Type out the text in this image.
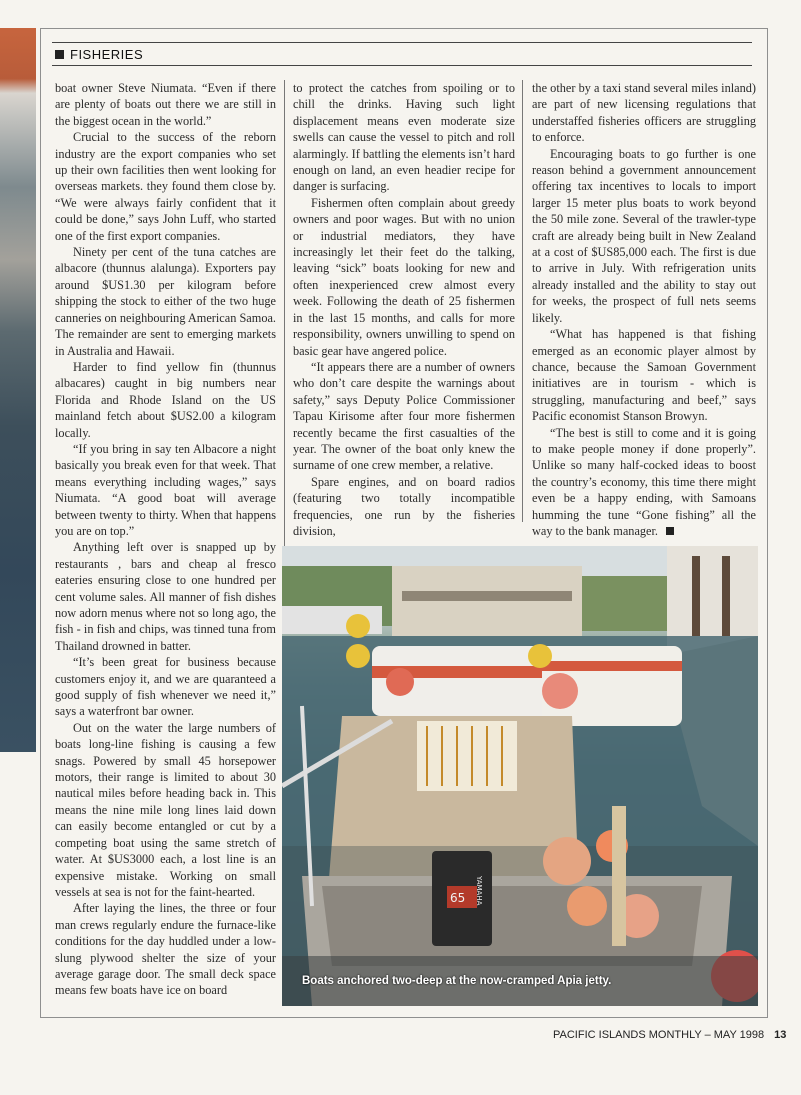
FISHERIES

boat owner Steve Niumata. “Even if there are plenty of boats out there we are still in the biggest ocean in the world.”

Crucial to the success of the reborn industry are the export companies who set up their own facilities then went looking for overseas markets. they found them close by. “We were always fairly confident that it could be done,” says John Luff, who started one of the first export companies.

Ninety per cent of the tuna catches are albacore (thunnus alalunga). Exporters pay around $US1.30 per kilogram before shipping the stock to either of the two huge canneries on neighbouring American Samoa. The remainder are sent to emerging markets in Australia and Hawaii.

Harder to find yellow fin (thunnus albacares) caught in big numbers near Florida and Rhode Island on the US mainland fetch about $US2.00 a kilogram locally.

“If you bring in say ten Albacore a night basically you break even for that week. That means everything including wages,” says Niumata. “A good boat will average between twenty to thirty. When that happens you are on top.”

Anything left over is snapped up by restaurants , bars and cheap al fresco eateries ensuring close to one hundred per cent volume sales. All manner of fish dishes now adorn menus where not so long ago, the fish - in fish and chips, was tinned tuna from Thailand drowned in batter.

“It’s been great for business because customers enjoy it, and we are quaranteed a good supply of fish whenever we need it,” says a waterfront bar owner.

Out on the water the large numbers of boats long-line fishing is causing a few snags. Powered by small 45 horsepower motors, their range is limited to about 30 nautical miles before heading back in. This means the nine mile long lines laid down can easily become entangled or cut by a competing boat using the same stretch of water. At $US3000 each, a lost line is an expensive mistake. Working on small vessels at sea is not for the faint-hearted.

After laying the lines, the three or four man crews regularly endure the furnace-like conditions for the day huddled under a low-slung plywood shelter the size of your average garage door. The small deck space means few boats have ice on board

to protect the catches from spoiling or to chill the drinks. Having such light displacement means even moderate size swells can cause the vessel to pitch and roll alarmingly. If battling the elements isn’t hard enough on land, an even headier recipe for danger is surfacing.

Fishermen often complain about greedy owners and poor wages. But with no union or industrial mediators, they have increasingly let their feet do the talking, leaving “sick” boats looking for new and often inexperienced crew almost every week. Following the death of 25 fishermen in the last 15 months, and calls for more responsibility, owners unwilling to spend on basic gear have angered police.

“It appears there are a number of owners who don’t care despite the warnings about safety,” says Deputy Police Commissioner Tapau Kirisome after four more fishermen recently became the first casualties of the year. The owner of the boat only knew the surname of one crew member, a relative.

Spare engines, and on board radios (featuring two totally incompatible frequencies, one run by the fisheries division,

the other by a taxi stand several miles inland) are part of new licensing regulations that understaffed fisheries officers are struggling to enforce.

Encouraging boats to go further is one reason behind a government announcement offering tax incentives to locals to import larger 15 meter plus boats to work beyond the 50 mile zone. Several of the trawler-type craft are already being built in New Zealand at a cost of $US85,000 each. The first is due to arrive in July. With refrigeration units already installed and the ability to stay out for weeks, the prospect of full nets seems likely.

“What has happened is that fishing emerged as an economic player almost by chance, because the Samoan Government initiatives are in tourism - which is struggling, manufacturing and beef,” says Pacific economist Stanson Browyn.

“The best is still to come and it is going to make people money if done properly”. Unlike so many half-cocked ideas to boost the country’s economy, this time there might even be a happy ending, with Samoans humming the tune “Gone fishing” all the way to the bank manager.

65 YAMAHA
Boats anchored two-deep at the now-cramped Apia jetty.
PACIFIC ISLANDS MONTHLY – MAY 1998 13
